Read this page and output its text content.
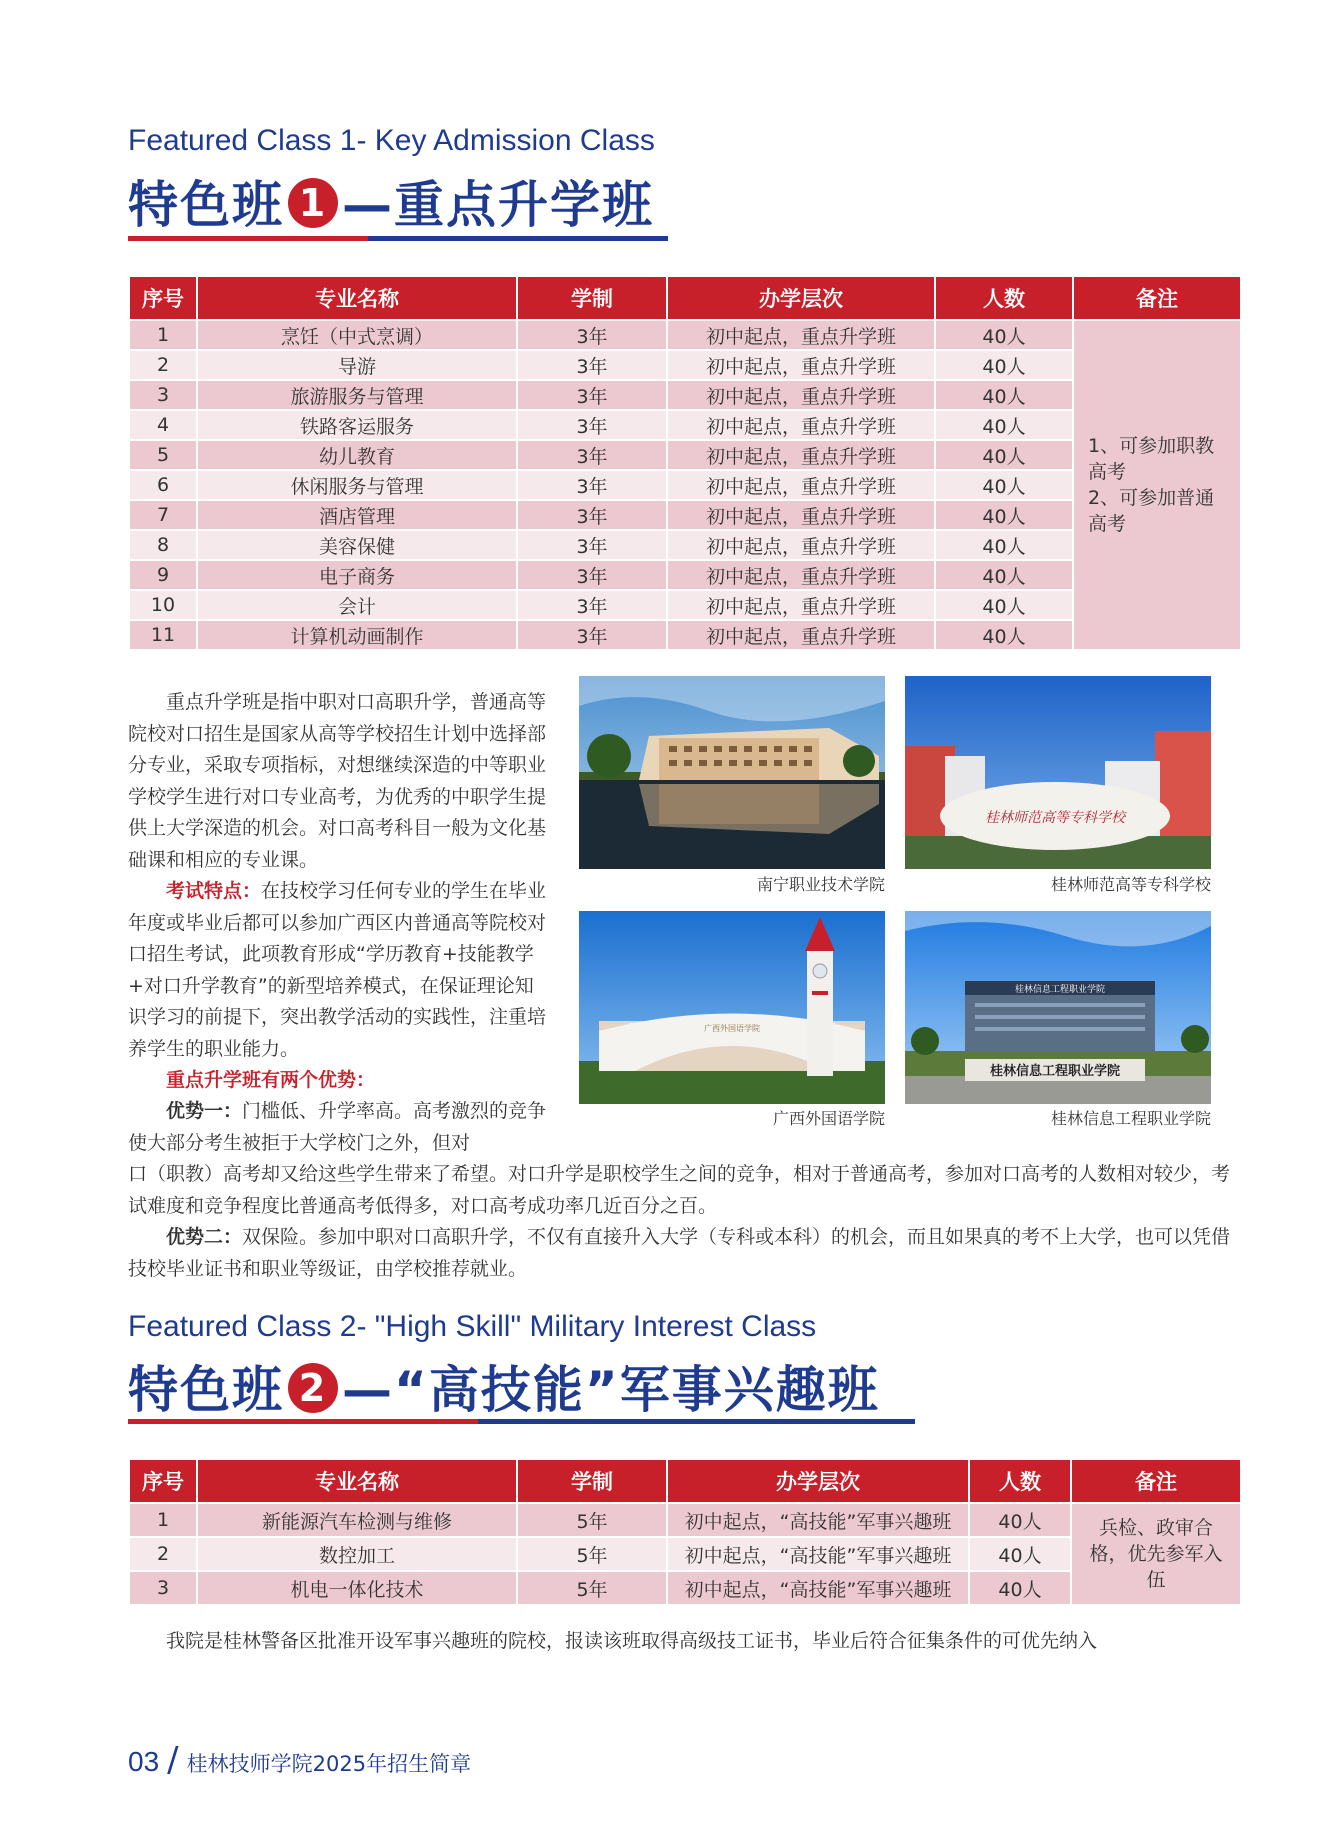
Featured Class 1- Key Admission Class
特色班 1 —重点升学班
序号	专业名称	学制	办学层次	人数	备注
1	烹饪（中式烹调）	3年	初中起点，重点升学班	40人	1、可参加职教高考
2、可参加普通高考

2	导游	3年	初中起点，重点升学班	40人	
3	旅游服务与管理	3年	初中起点，重点升学班	40人	
4	铁路客运服务	3年	初中起点，重点升学班	40人	
5	幼儿教育	3年	初中起点，重点升学班	40人	
6	休闲服务与管理	3年	初中起点，重点升学班	40人	
7	酒店管理	3年	初中起点，重点升学班	40人	
8	美容保健	3年	初中起点，重点升学班	40人	
9	电子商务	3年	初中起点，重点升学班	40人	
10	会计	3年	初中起点，重点升学班	40人	
11	计算机动画制作	3年	初中起点，重点升学班	40人	

重点升学班是指中职对口高职升学，普通高等院校对口招生是国家从高等学校招生计划中选择部分专业，采取专项指标，对想继续深造的中等职业学校学生进行对口专业高考，为优秀的中职学生提供上大学深造的机会。对口高考科目一般为文化基础课和相应的专业课。

考试特点：在技校学习任何专业的学生在毕业年度或毕业后都可以参加广西区内普通高等院校对口招生考试，此项教育形成“学历教育+技能教学+对口升学教育”的新型培养模式，在保证理论知识学习的前提下，突出教学活动的实践性，注重培养学生的职业能力。

重点升学班有两个优势：

优势一：门槛低、升学率高。高考激烈的竞争使大部分考生被拒于大学校门之外，但对

口（职教）高考却又给这些学生带来了希望。对口升学是职校学生之间的竞争，相对于普通高考，参加对口高考的人数相对较少，考试难度和竞争程度比普通高考低得多，对口高考成功率几近百分之百。

优势二：双保险。参加中职对口高职升学，不仅有直接升入大学（专科或本科）的机会，而且如果真的考不上大学，也可以凭借技校毕业证书和职业等级证，由学校推荐就业。

南宁职业技术学院
桂林师范高等专科学校
桂林师范高等专科学校
广西外国语学院
广西外国语学院
桂林信息工程职业学院
桂林信息工程职业学院
桂林信息工程职业学院
Featured Class 2- "High Skill" Military Interest Class
特色班 2 —“高技能”军事兴趣班
序号	专业名称	学制	办学层次	人数	备注
1	新能源汽车检测与维修	5年	初中起点，“高技能”军事兴趣班	40人	兵检、政审合格，优先参军入伍
2	数控加工	5年	初中起点，“高技能”军事兴趣班	40人	
3	机电一体化技术	5年	初中起点，“高技能”军事兴趣班	40人	

我院是桂林警备区批准开设军事兴趣班的院校，报读该班取得高级技工证书，毕业后符合征集条件的可优先纳入

03 / 桂林技师学院2025年招生简章
